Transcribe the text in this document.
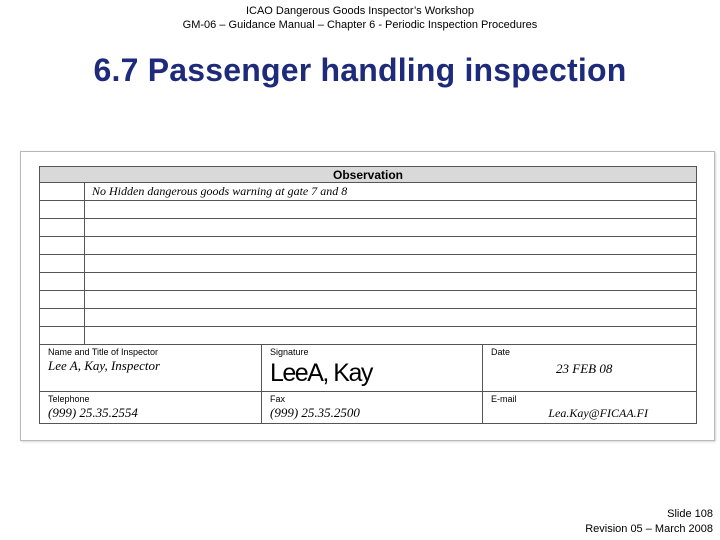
ICAO Dangerous Goods Inspector’s Workshop
GM-06 – Guidance Manual – Chapter 6 - Periodic Inspection Procedures
6.7 Passenger handling inspection
Observation
No Hidden dangerous goods warning at gate 7 and 8
Name and Title of Inspector
Lee A, Kay, Inspector
Signature
LeeA, Kay
Date
23 FEB 08
Telephone
(999) 25.35.2554
Fax
(999) 25.35.2500
E-mail
Lea.Kay@FICAA.FI
Slide 108
Revision 05 – March 2008
